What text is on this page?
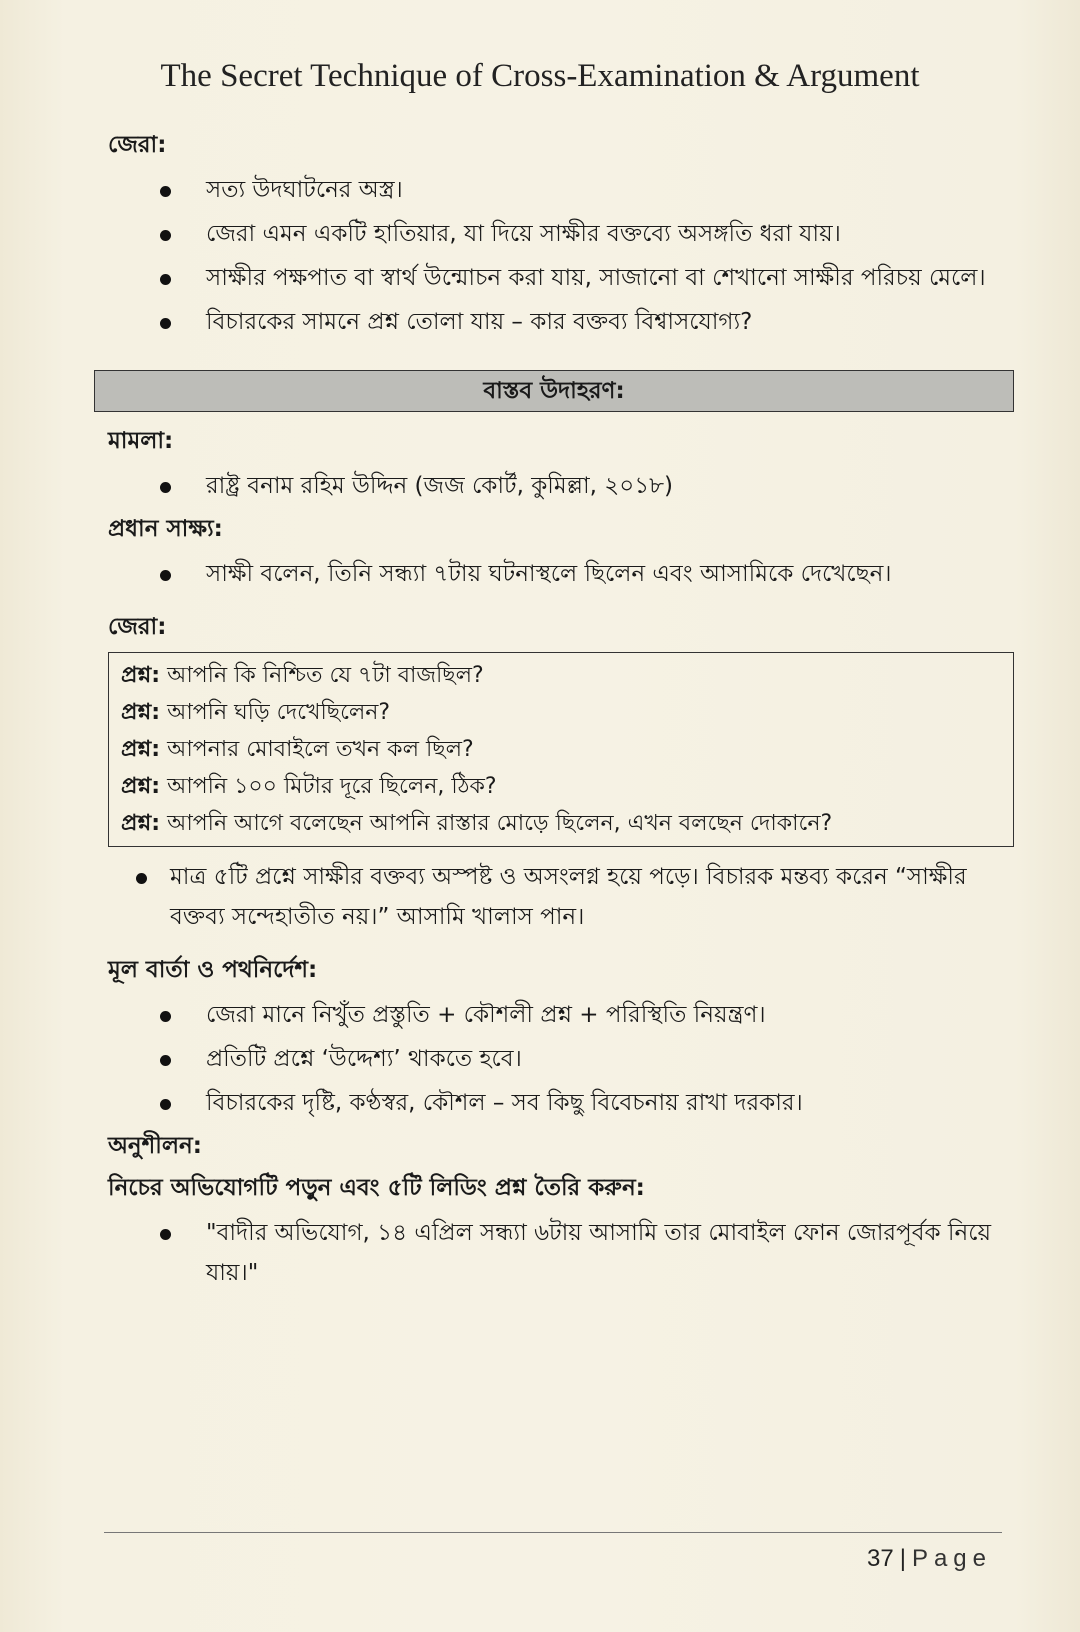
The Secret Technique of Cross-Examination & Argument
জেরা:
সত্য উদঘাটনের অস্ত্র।
জেরা এমন একটি হাতিয়ার, যা দিয়ে সাক্ষীর বক্তব্যে অসঙ্গতি ধরা যায়।
সাক্ষীর পক্ষপাত বা স্বার্থ উন্মোচন করা যায়, সাজানো বা শেখানো সাক্ষীর পরিচয় মেলে।
বিচারকের সামনে প্রশ্ন তোলা যায় – কার বক্তব্য বিশ্বাসযোগ্য?
বাস্তব উদাহরণ:
মামলা:
রাষ্ট্র বনাম রহিম উদ্দিন (জজ কোর্ট, কুমিল্লা, ২০১৮)
প্রধান সাক্ষ্য:
সাক্ষী বলেন, তিনি সন্ধ্যা ৭টায় ঘটনাস্থলে ছিলেন এবং আসামিকে দেখেছেন।
জেরা:
প্রশ্ন: আপনি কি নিশ্চিত যে ৭টা বাজছিল?
প্রশ্ন: আপনি ঘড়ি দেখেছিলেন?
প্রশ্ন: আপনার মোবাইলে তখন কল ছিল?
প্রশ্ন: আপনি ১০০ মিটার দূরে ছিলেন, ঠিক?
প্রশ্ন: আপনি আগে বলেছেন আপনি রাস্তার মোড়ে ছিলেন, এখন বলছেন দোকানে?
মাত্র ৫টি প্রশ্নে সাক্ষীর বক্তব্য অস্পষ্ট ও অসংলগ্ন হয়ে পড়ে। বিচারক মন্তব্য করেন “সাক্ষীর বক্তব্য সন্দেহাতীত নয়।” আসামি খালাস পান।
মূল বার্তা ও পথনির্দেশ:
জেরা মানে নিখুঁত প্রস্তুতি + কৌশলী প্রশ্ন + পরিস্থিতি নিয়ন্ত্রণ।
প্রতিটি প্রশ্নে ‘উদ্দেশ্য’ থাকতে হবে।
বিচারকের দৃষ্টি, কণ্ঠস্বর, কৌশল – সব কিছু বিবেচনায় রাখা দরকার।
অনুশীলন:
নিচের অভিযোগটি পড়ুন এবং ৫টি লিডিং প্রশ্ন তৈরি করুন:
"বাদীর অভিযোগ, ১৪ এপ্রিল সন্ধ্যা ৬টায় আসামি তার মোবাইল ফোন জোরপূর্বক নিয়ে যায়।"
37 | Page
